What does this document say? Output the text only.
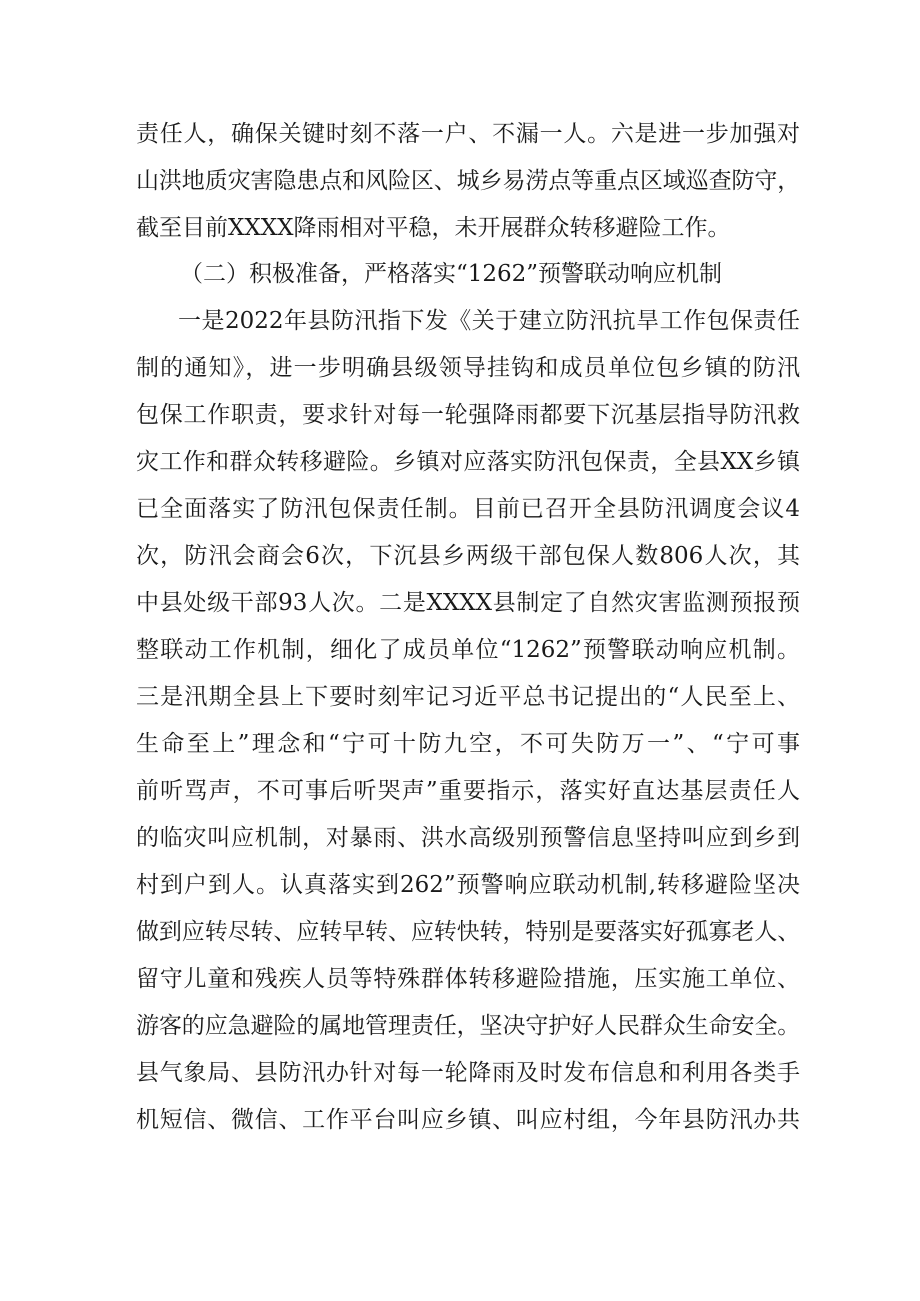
责任人，确保关键时刻不落一户、不漏一人。六是进一步加强对
山洪地质灾害隐患点和风险区、城乡易涝点等重点区域巡查防守，
截至目前XXXX降雨相对平稳，未开展群众转移避险工作。
（二）积极准备，严格落实“1262”预警联动响应机制
一是2022年县防汛指下发《关于建立防汛抗旱工作包保责任
制的通知》，进一步明确县级领导挂钩和成员单位包乡镇的防汛
包保工作职责，要求针对每一轮强降雨都要下沉基层指导防汛救
灾工作和群众转移避险。乡镇对应落实防汛包保责，全县XX乡镇
已全面落实了防汛包保责任制。目前已召开全县防汛调度会议4
次，防汛会商会6次，下沉县乡两级干部包保人数806人次，其
中县处级干部93人次。二是XXXX县制定了自然灾害监测预报预
整联动工作机制，细化了成员单位“1262”预警联动响应机制。
三是汛期全县上下要时刻牢记习近平总书记提出的“人民至上、
生命至上”理念和“宁可十防九空，不可失防万一”、“宁可事
前听骂声，不可事后听哭声”重要指示，落实好直达基层责任人
的临灾叫应机制，对暴雨、洪水高级别预警信息坚持叫应到乡到
村到户到人。认真落实到262”预警响应联动机制,转移避险坚决
做到应转尽转、应转早转、应转快转，特别是要落实好孤寡老人、
留守儿童和残疾人员等特殊群体转移避险措施，压实施工单位、
游客的应急避险的属地管理责任，坚决守护好人民群众生命安全。
县气象局、县防汛办针对每一轮降雨及时发布信息和利用各类手
机短信、微信、工作平台叫应乡镇、叫应村组，今年县防汛办共
